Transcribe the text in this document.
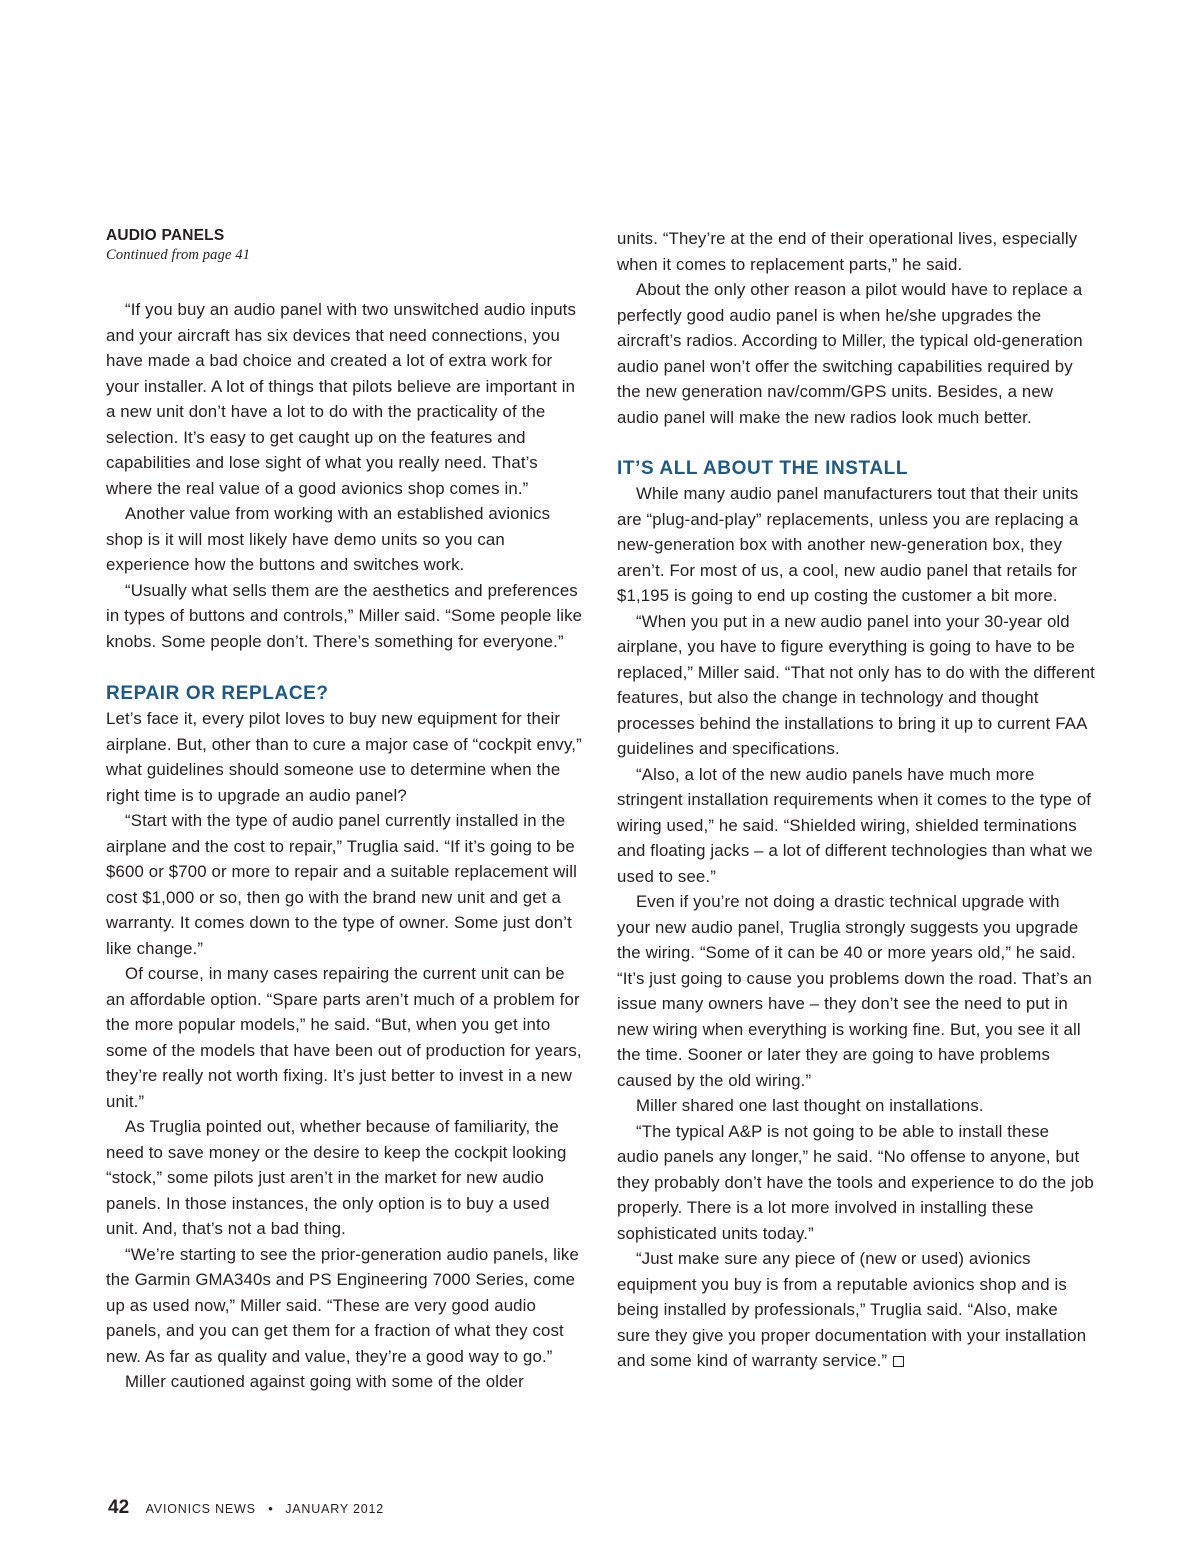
AUDIO PANELS
Continued from page 41

“If you buy an audio panel with two unswitched audio inputs and your aircraft has six devices that need connections, you have made a bad choice and created a lot of extra work for your installer. A lot of things that pilots believe are important in a new unit don’t have a lot to do with the practicality of the selection. It’s easy to get caught up on the features and capabilities and lose sight of what you really need. That’s where the real value of a good avionics shop comes in.”

Another value from working with an established avionics shop is it will most likely have demo units so you can experience how the buttons and switches work.

“Usually what sells them are the aesthetics and preferences in types of buttons and controls,” Miller said. “Some people like knobs. Some people don’t. There’s something for everyone.”

REPAIR OR REPLACE?

Let’s face it, every pilot loves to buy new equipment for their airplane. But, other than to cure a major case of “cockpit envy,” what guidelines should someone use to determine when the right time is to upgrade an audio panel?

“Start with the type of audio panel currently installed in the airplane and the cost to repair,” Truglia said. “If it’s going to be $600 or $700 or more to repair and a suitable replacement will cost $1,000 or so, then go with the brand new unit and get a warranty. It comes down to the type of owner. Some just don’t like change.”

Of course, in many cases repairing the current unit can be an affordable option. “Spare parts aren’t much of a problem for the more popular models,” he said. “But, when you get into some of the models that have been out of production for years, they’re really not worth fixing. It’s just better to invest in a new unit.”

As Truglia pointed out, whether because of familiarity, the need to save money or the desire to keep the cockpit looking “stock,” some pilots just aren’t in the market for new audio panels. In those instances, the only option is to buy a used unit. And, that’s not a bad thing.

“We’re starting to see the prior-generation audio panels, like the Garmin GMA340s and PS Engineering 7000 Series, come up as used now,” Miller said. “These are very good audio panels, and you can get them for a fraction of what they cost new. As far as quality and value, they’re a good way to go.”

Miller cautioned against going with some of the older

units. “They’re at the end of their operational lives, especially when it comes to replacement parts,” he said.

About the only other reason a pilot would have to replace a perfectly good audio panel is when he/she upgrades the aircraft’s radios. According to Miller, the typical old-generation audio panel won’t offer the switching capabilities required by the new generation nav/comm/GPS units. Besides, a new audio panel will make the new radios look much better.

IT’S ALL ABOUT THE INSTALL

While many audio panel manufacturers tout that their units are “plug-and-play” replacements, unless you are replacing a new-generation box with another new-generation box, they aren’t. For most of us, a cool, new audio panel that retails for $1,195 is going to end up costing the customer a bit more.

“When you put in a new audio panel into your 30-year old airplane, you have to figure everything is going to have to be replaced,” Miller said. “That not only has to do with the different features, but also the change in technology and thought processes behind the installations to bring it up to current FAA guidelines and specifications.

“Also, a lot of the new audio panels have much more stringent installation requirements when it comes to the type of wiring used,” he said. “Shielded wiring, shielded terminations and floating jacks – a lot of different technologies than what we used to see.”

Even if you’re not doing a drastic technical upgrade with your new audio panel, Truglia strongly suggests you upgrade the wiring. “Some of it can be 40 or more years old,” he said. “It’s just going to cause you problems down the road. That’s an issue many owners have – they don’t see the need to put in new wiring when everything is working fine. But, you see it all the time. Sooner or later they are going to have problems caused by the old wiring.”

Miller shared one last thought on installations.

“The typical A&P is not going to be able to install these audio panels any longer,” he said. “No offense to anyone, but they probably don’t have the tools and experience to do the job properly. There is a lot more involved in installing these sophisticated units today.”

“Just make sure any piece of (new or used) avionics equipment you buy is from a reputable avionics shop and is being installed by professionals,” Truglia said. “Also, make sure they give you proper documentation with your installation and some kind of warranty service.”

42 AVIONICS NEWS • JANUARY 2012
